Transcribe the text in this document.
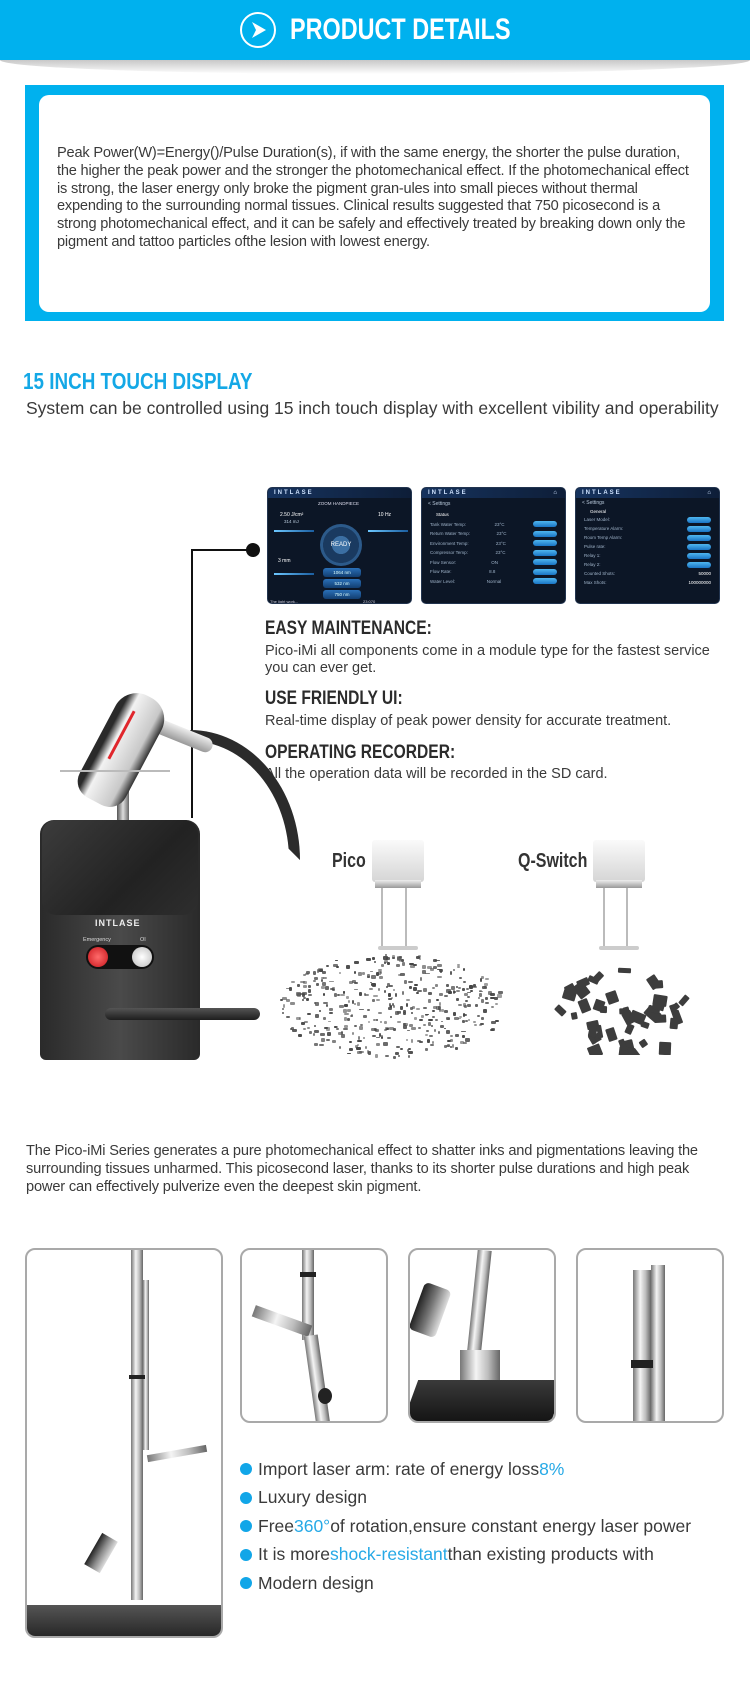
PRODUCT DETAILS

Peak Power(W)=Energy()/Pulse Duration(s), if with the same energy, the shorter the pulse duration, the higher the peak power and the stronger the photomechanical effect. If the photomechanical effect is strong, the laser energy only broke the pigment gran-ules into small pieces without thermal expending to the surrounding normal tissues. Clinical results suggested that 750 picosecond is a strong photomechanical effect, and it can be safely and effectively treated by breaking down only the pigment and tattoo particles ofthe lesion with lowest energy.

15 INCH TOUCH DISPLAY

System can be controlled using 15 inch touch display with excellent vibility and operability

INTLASE
ZOOM HANDPIECE
2.50 J/cm²
314 mJ
10 Hz
READY
3 mm
1064 nm
532 nm
750 nm
The light work...	23:070
INTLASE	⌂
< Settings
Status
Tank Water Temp:	23°C
Return Water Temp:	23°C
Environment Temp:	23°C
Compressor Temp:	23°C
Flow Sensor:	ON
Flow Rate:	8.8
Water Level:	Normal
INTLASE	⌂
< Settings
General
Laser Model:
Temperature Alarm:
Room Temp Alarm:
Pulse rate:
Relay 1:
Relay 2:
Counted Shots:	50000
Max Shots:	100000000
EASY MAINTENANCE:

Pico-iMi all components come in a module type for the fastest service you can ever get.

USE FRIENDLY UI:

Real-time display of peak power density for accurate treatment.

OPERATING RECORDER:

All the operation data will be recorded in the SD card.

INTLASE
Emergency	OI
Pico	Q-Switch

The Pico-iMi Series generates a pure photomechanical effect to shatter inks and pigmentations leaving the surrounding tissues unharmed. This picosecond laser, thanks to its shorter pulse durations and high peak power can effectively pulverize even the deepest skin pigment.

Import laser arm: rate of energy loss 8%
Luxury design
Free 360° of rotation,ensure constant energy laser power
It is more shock-resistant than existing products with
Modern design
